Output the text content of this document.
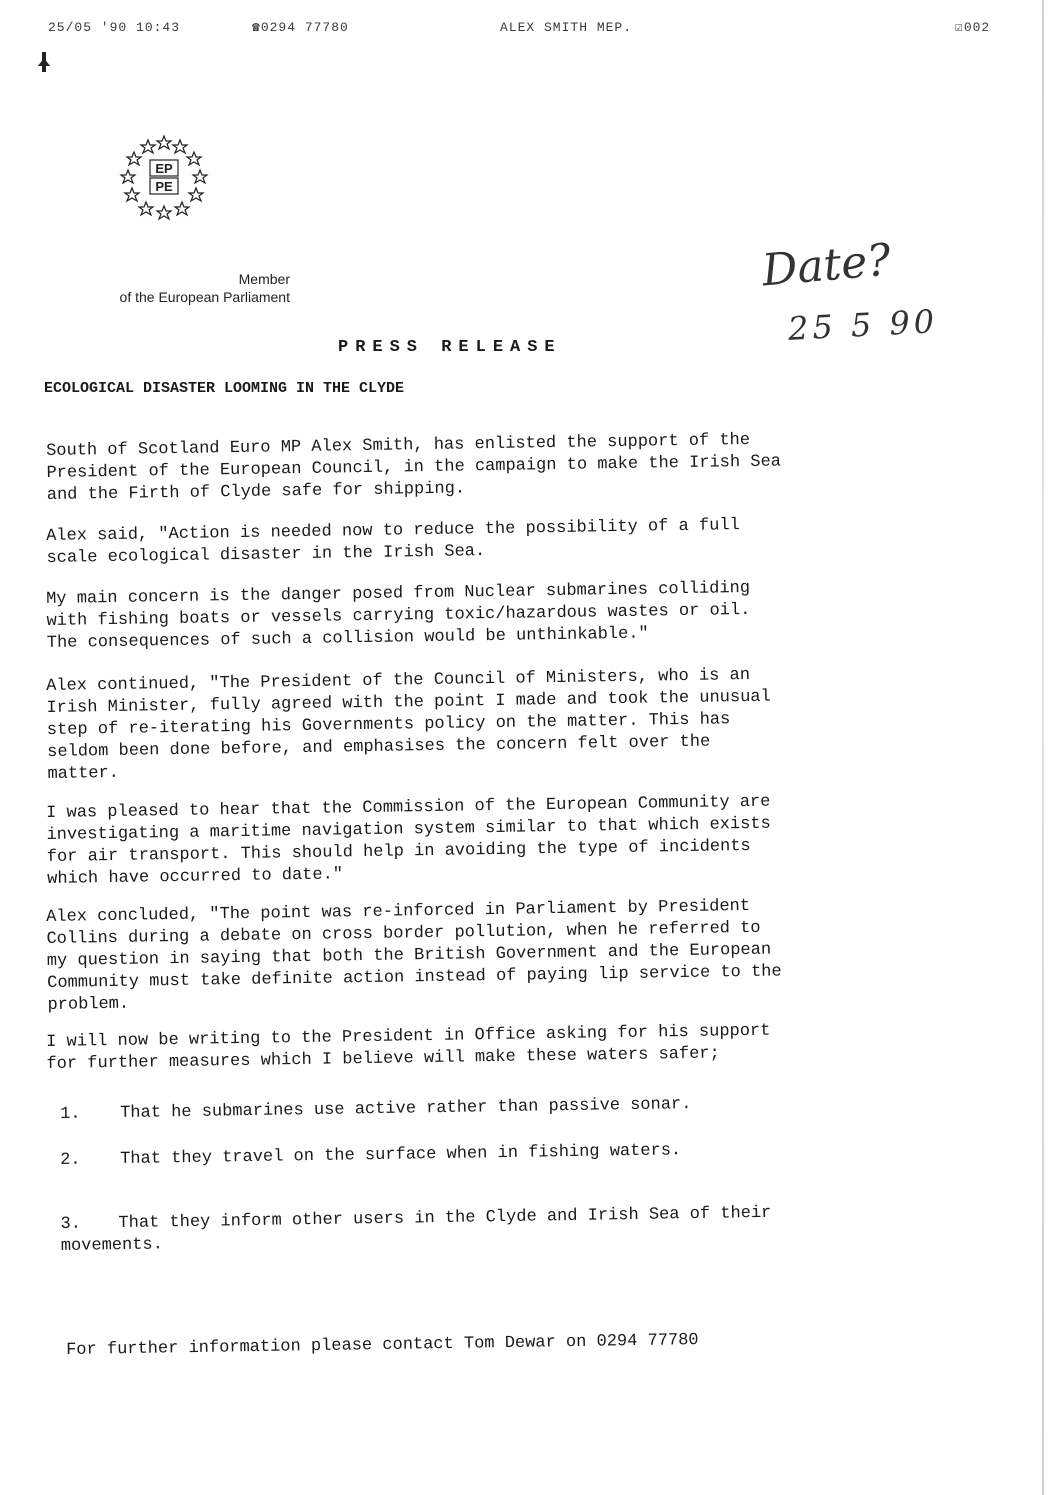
25/05 '90 10:43	☎0294 77780	ALEX SMITH MEP.	☑002
EP
PE
Member
of the European Parliament
Date?
25 5 90
PRESS RELEASE
ECOLOGICAL DISASTER LOOMING IN THE CLYDE
South of Scotland Euro MP Alex Smith, has enlisted the support of the
President of the European Council, in the campaign to make the Irish Sea
and the Firth of Clyde safe for shipping.
Alex said, "Action is needed now to reduce the possibility of a full
scale ecological disaster in the Irish Sea.
My main concern is the danger posed from Nuclear submarines colliding
with fishing boats or vessels carrying toxic/hazardous wastes or oil.
The consequences of such a collision would be unthinkable."
Alex continued, "The President of the Council of Ministers, who is an
Irish Minister, fully agreed with the point I made and took the unusual
step of re-iterating his Governments policy on the matter. This has
seldom been done before, and emphasises the concern felt over the
matter.
I was pleased to hear that the Commission of the European Community are
investigating a maritime navigation system similar to that which exists
for air transport. This should help in avoiding the type of incidents
which have occurred to date."
Alex concluded, "The point was re-inforced in Parliament by President
Collins during a debate on cross border pollution, when he referred to
my question in saying that both the British Government and the European
Community must take definite action instead of paying lip service to the
problem.
I will now be writing to the President in Office asking for his support
for further measures which I believe will make these waters safer;
1. That he submarines use active rather than passive sonar.
2. That they travel on the surface when in fishing waters.

3. That they inform other users in the Clyde and Irish Sea of their
movements.

For further information please contact Tom Dewar on 0294 77780
